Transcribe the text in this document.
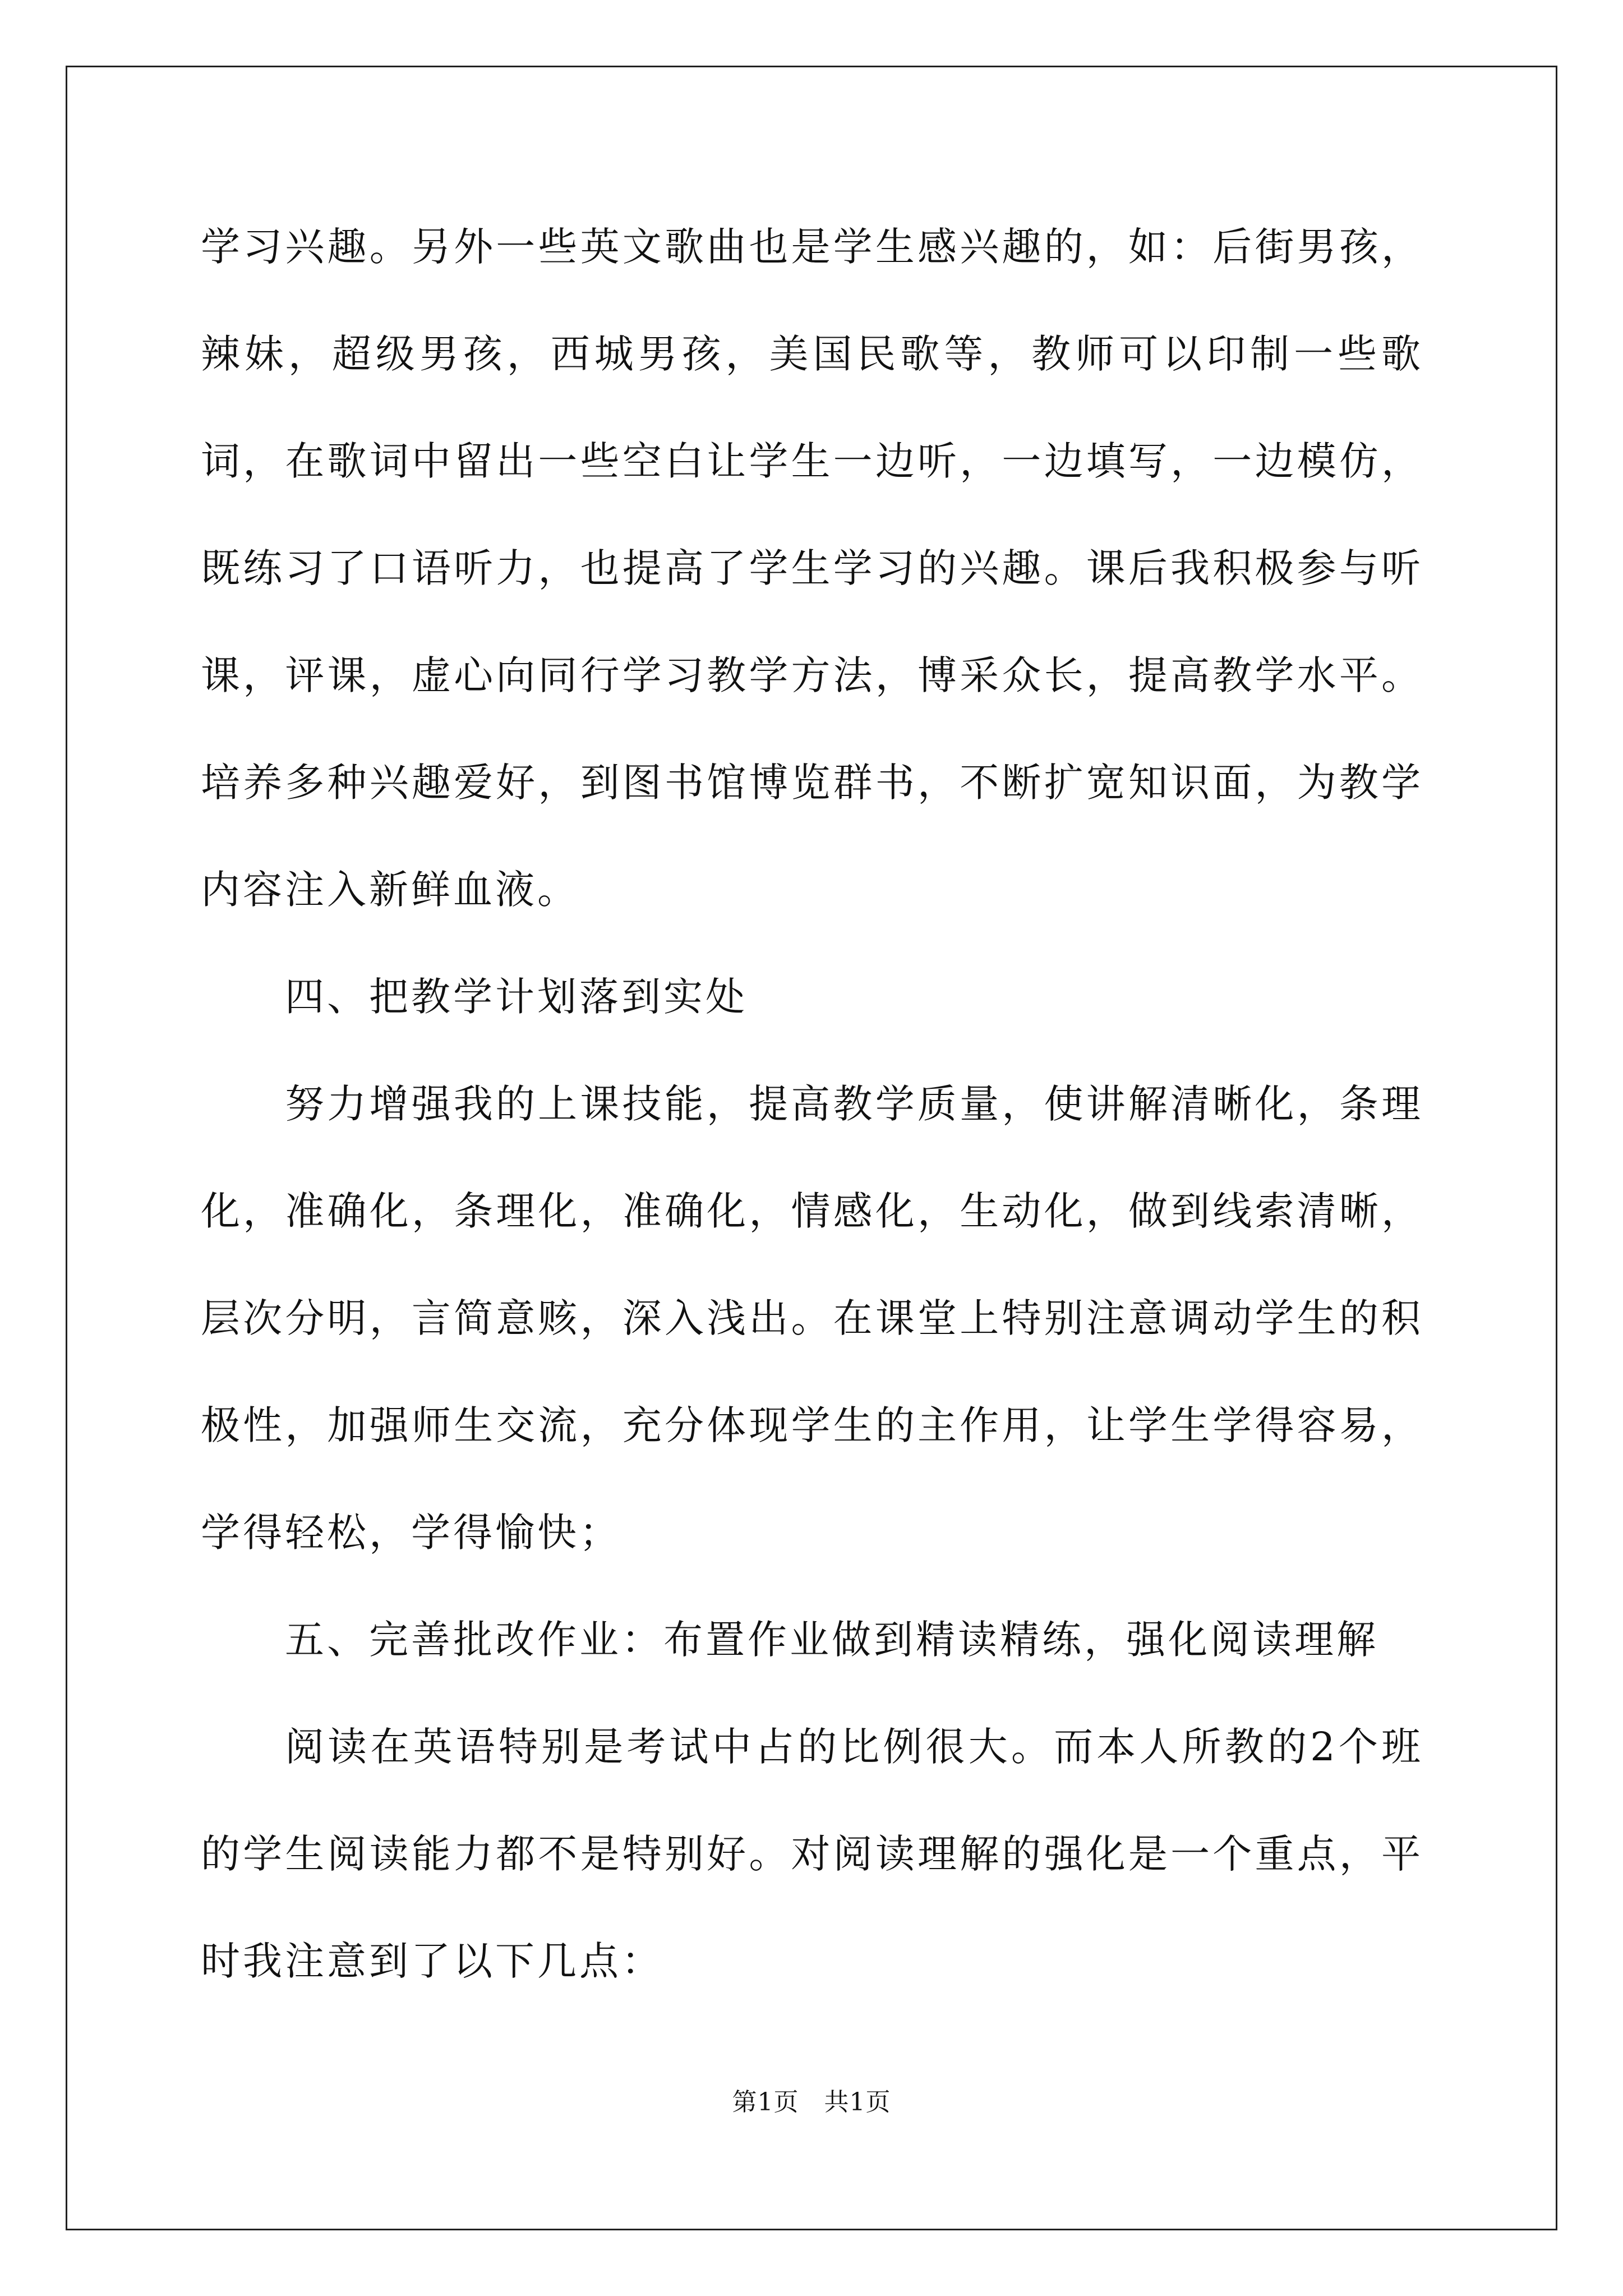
学习兴趣。另外一些英文歌曲也是学生感兴趣的，如：后街男孩，辣妹，超级男孩，西城男孩，美国民歌等，教师可以印制一些歌词，在歌词中留出一些空白让学生一边听，一边填写，一边模仿，既练习了口语听力，也提高了学生学习的兴趣。课后我积极参与听课，评课，虚心向同行学习教学方法，博采众长，提高教学水平。培养多种兴趣爱好，到图书馆博览群书，不断扩宽知识面，为教学内容注入新鲜血液。

四、把教学计划落到实处

努力增强我的上课技能，提高教学质量，使讲解清晰化，条理化，准确化，条理化，准确化，情感化，生动化，做到线索清晰，层次分明，言简意赅，深入浅出。在课堂上特别注意调动学生的积极性，加强师生交流，充分体现学生的主作用，让学生学得容易，学得轻松，学得愉快；

五、完善批改作业：布置作业做到精读精练，强化阅读理解

阅读在英语特别是考试中占的比例很大。而本人所教的2个班的学生阅读能力都不是特别好。对阅读理解的强化是一个重点，平时我注意到了以下几点：

第1页   共1页
